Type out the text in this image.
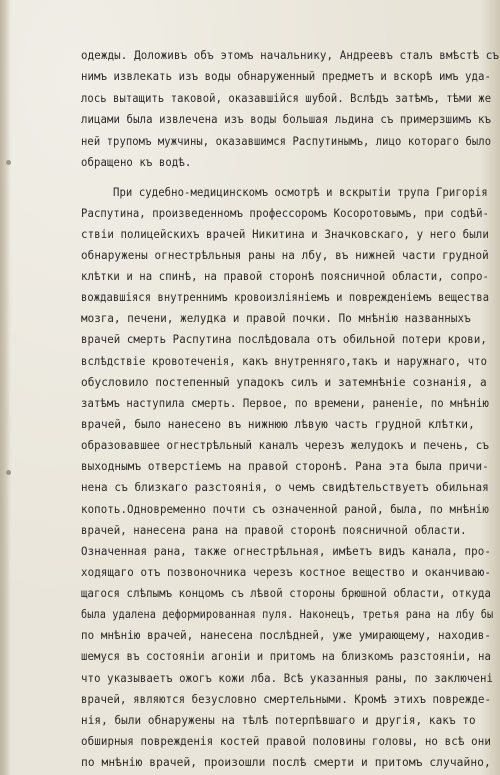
одежды. Доложивъ объ этомъ начальнику, Андреевъ сталъ вмѣстѣ съ
нимъ извлекать изъ воды обнаруженный предметъ и вскорѣ имъ уда-
лось вытащить таковой, оказавшійся шубой. Вслѣдъ затѣмъ, тѣми же
лицами была извлечена изъ воды большая льдина съ примерзшимъ къ
ней трупомъ мужчины, оказавшимся Распутинымъ, лицо котораго было
обращено къ водѣ.
При судебно-медицинскомъ осмотрѣ и вскрытіи трупа Григорія
Распутина, произведенномъ профессоромъ Косоротовымъ, при содѣй-
ствіи полицейскихъ врачей Никитина и Значковскаго, у него были
обнаружены огнестрѣльныя раны на лбу, въ нижней части грудной
клѣтки и на спинѣ, на правой сторонѣ поясничной области, сопро-
вождавшіяся внутреннимъ кровоизліяніемъ и поврежденіемъ вещества
мозга, печени, желудка и правой почки. По мнѣнію названныхъ
врачей смерть Распутина послѣдовала отъ обильной потери крови,
вслѣдствіе кровотеченія, какъ внутренняго,такъ и наружнаго, что
обусловило постепенный упадокъ силъ и затемнѣніе сознанія, а
затѣмъ наступила смерть. Первое, по времени, раненіе, по мнѣнію
врачей, было нанесено въ нижнюю лѣвую часть грудной клѣтки,
образовавшее огнестрѣльный каналъ черезъ желудокъ и печень, съ
выходнымъ отверстіемъ на правой сторонѣ. Рана эта была причи-
нена съ близкаго разстоянія, о чемъ свидѣтельствуетъ обильная
копоть.Одновременно почти съ означенной раной, была, по мнѣнію
врачей, нанесена рана на правой сторонѣ поясничной области.
Означенная рана, также огнестрѣльная, имѣетъ видъ канала, про-
ходящаго отъ позвоночника черезъ костное вещество и оканчиваю-
щагося слѣпымъ концомъ съ лѣвой стороны брюшной области, откуда
была удалена деформированная пуля. Наконецъ, третья рана на лбу бы
по мнѣнію врачей, нанесена послѣдней, уже умирающему, находив-
шемуся въ состояніи агоніи и притомъ на близкомъ разстояніи, на
что указываетъ ожогъ кожи лба. Всѣ указанныя раны, по заключені
врачей, являются безусловно смертельными. Кромѣ этихъ поврежде-
нія, были обнаружены на тѣлѣ потерпѣвшаго и другія, какъ то
обширныя поврежденія костей правой половины головы, но всѣ они
по мнѣнію врачей, произошли послѣ смерти и притомъ случайно,
